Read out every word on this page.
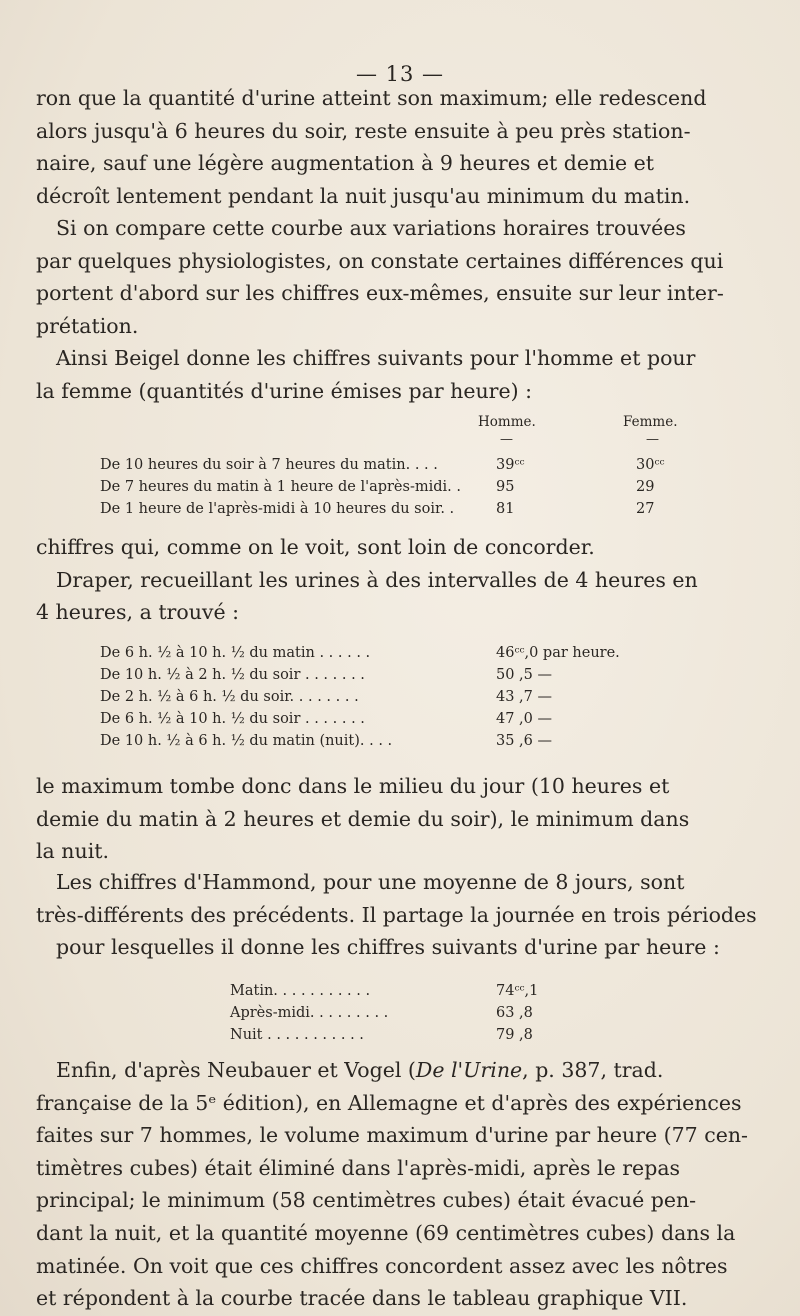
— 13 —
ron que la quantité d'urine atteint son maximum; elle redescend
alors jusqu'à 6 heures du soir, reste ensuite à peu près station-
naire, sauf une légère augmentation à 9 heures et demie et
décroît lentement pendant la nuit jusqu'au minimum du matin.
Si on compare cette courbe aux variations horaires trouvées
par quelques physiologistes, on constate certaines différences qui
portent d'abord sur les chiffres eux-mêmes, ensuite sur leur inter-
prétation.
Ainsi Beigel donne les chiffres suivants pour l'homme et pour
la femme (quantités d'urine émises par heure) :
Homme.	Femme.
—	—
De 10 heures du soir à 7 heures du matin. . . .	39ᶜᶜ	30ᶜᶜ
De 7 heures du matin à 1 heure de l'après-midi. . 95	29
De 1 heure de l'après-midi à 10 heures du soir. .	81	27
chiffres qui, comme on le voit, sont loin de concorder.
Draper, recueillant les urines à des intervalles de 4 heures en
4 heures, a trouvé :
De 6 h. ½ à 10 h. ½ du matin . . . . . .	46ᶜᶜ,0 par heure.
De 10 h. ½ à 2 h. ½ du soir . . . . . . .	50 ,5 —
De 2 h. ½ à 6 h. ½ du soir. . . . . . . .	43 ,7 —
De 6 h. ½ à 10 h. ½ du soir . . . . . . .	47 ,0 —
De 10 h. ½ à 6 h. ½ du matin (nuit). . . .	35 ,6 —
le maximum tombe donc dans le milieu du jour (10 heures et
demie du matin à 2 heures et demie du soir), le minimum dans
la nuit.
Les chiffres d'Hammond, pour une moyenne de 8 jours, sont
très-différents des précédents. Il partage la journée en trois périodes
pour lesquelles il donne les chiffres suivants d'urine par heure :
Matin. . . . . . . . . . .	74ᶜᶜ,1
Après-midi. . . . . . . . .	63 ,8
Nuit . . . . . . . . . . .	79 ,8
Enfin, d'après Neubauer et Vogel (De l'Urine, p. 387, trad.
française de la 5ᵉ édition), en Allemagne et d'après des expériences
faites sur 7 hommes, le volume maximum d'urine par heure (77 cen-
timètres cubes) était éliminé dans l'après-midi, après le repas
principal; le minimum (58 centimètres cubes) était évacué pen-
dant la nuit, et la quantité moyenne (69 centimètres cubes) dans la
matinée. On voit que ces chiffres concordent assez avec les nôtres
et répondent à la courbe tracée dans le tableau graphique VII.
